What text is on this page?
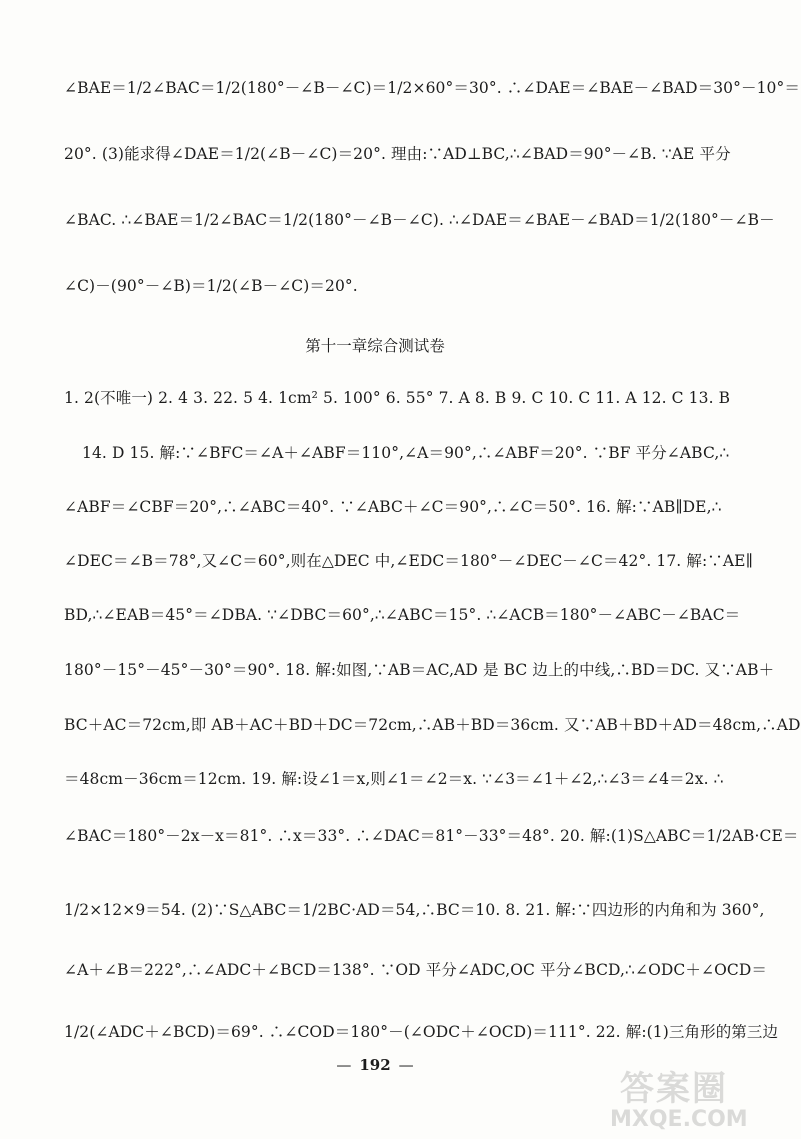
∠BAE＝1/2∠BAC＝1/2(180°－∠B－∠C)＝1/2×60°＝30°. ∴∠DAE＝∠BAE－∠BAD＝30°－10°＝
20°. (3)能求得∠DAE＝1/2(∠B－∠C)＝20°. 理由:∵AD⊥BC,∴∠BAD＝90°－∠B. ∵AE 平分
∠BAC. ∴∠BAE＝1/2∠BAC＝1/2(180°－∠B－∠C). ∴∠DAE＝∠BAE－∠BAD＝1/2(180°－∠B－
∠C)－(90°－∠B)＝1/2(∠B－∠C)＝20°.
第十一章综合测试卷
1. 2(不唯一) 2. 4 3. 22. 5 4. 1cm² 5. 100° 6. 55° 7. A 8. B 9. C 10. C 11. A 12. C 13. B
14. D 15. 解:∵∠BFC＝∠A＋∠ABF＝110°,∠A＝90°,∴∠ABF＝20°. ∵BF 平分∠ABC,∴
∠ABF＝∠CBF＝20°,∴∠ABC＝40°. ∵∠ABC＋∠C＝90°,∴∠C＝50°. 16. 解:∵AB∥DE,∴
∠DEC＝∠B＝78°,又∠C＝60°,则在△DEC 中,∠EDC＝180°－∠DEC－∠C＝42°. 17. 解:∵AE∥
BD,∴∠EAB＝45°＝∠DBA. ∵∠DBC＝60°,∴∠ABC＝15°. ∴∠ACB＝180°－∠ABC－∠BAC＝
180°－15°－45°－30°＝90°. 18. 解:如图,∵AB＝AC,AD 是 BC 边上的中线,∴BD＝DC. 又∵AB＋
BC＋AC＝72cm,即 AB＋AC＋BD＋DC＝72cm,∴AB＋BD＝36cm. 又∵AB＋BD＋AD＝48cm,∴AD
＝48cm－36cm＝12cm. 19. 解:设∠1＝x,则∠1＝∠2＝x. ∵∠3＝∠1＋∠2,∴∠3＝∠4＝2x. ∴
∠BAC＝180°－2x－x＝81°. ∴x＝33°. ∴∠DAC＝81°－33°＝48°. 20. 解:(1)S△ABC＝1/2AB·CE＝
1/2×12×9＝54. (2)∵S△ABC＝1/2BC·AD＝54,∴BC＝10. 8. 21. 解:∵四边形的内角和为 360°,
∠A＋∠B＝222°,∴∠ADC＋∠BCD＝138°. ∵OD 平分∠ADC,OC 平分∠BCD,∴∠ODC＋∠OCD＝
1/2(∠ADC＋∠BCD)＝69°. ∴∠COD＝180°－(∠ODC＋∠OCD)＝111°. 22. 解:(1)三角形的第三边
— 192 —
答案圈
MXQE.COM
